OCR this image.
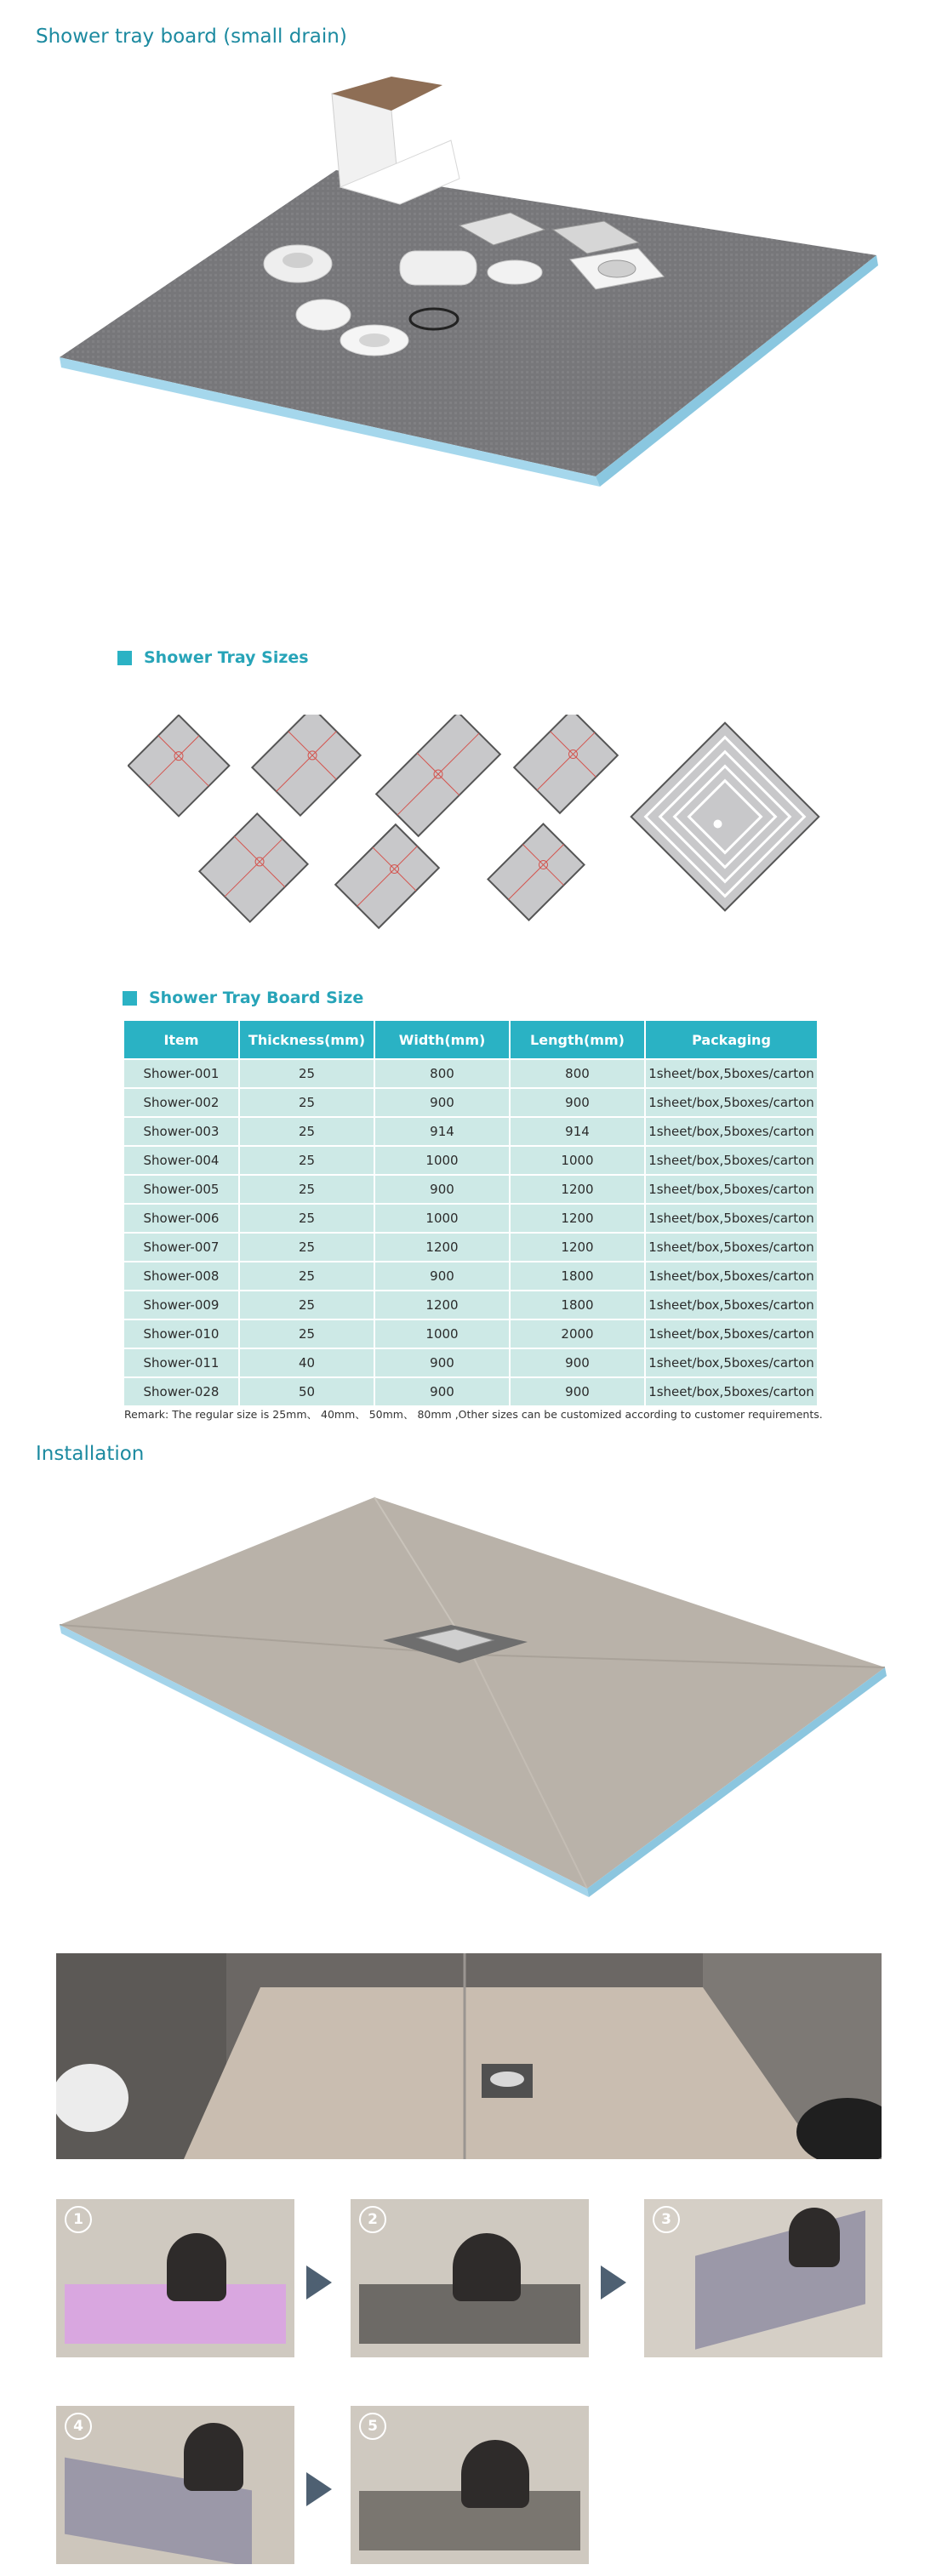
Shower tray board (small drain)
Shower Tray Sizes
Shower Tray Board Size
Item	Thickness(mm)	Width(mm)	Length(mm)	Packaging
Shower-001	25	800	800	1sheet/box,5boxes/carton
Shower-002	25	900	900	1sheet/box,5boxes/carton
Shower-003	25	914	914	1sheet/box,5boxes/carton
Shower-004	25	1000	1000	1sheet/box,5boxes/carton
Shower-005	25	900	1200	1sheet/box,5boxes/carton
Shower-006	25	1000	1200	1sheet/box,5boxes/carton
Shower-007	25	1200	1200	1sheet/box,5boxes/carton
Shower-008	25	900	1800	1sheet/box,5boxes/carton
Shower-009	25	1200	1800	1sheet/box,5boxes/carton
Shower-010	25	1000	2000	1sheet/box,5boxes/carton
Shower-011	40	900	900	1sheet/box,5boxes/carton
Shower-028	50	900	900	1sheet/box,5boxes/carton
Remark: The regular size is 25mm、 40mm、 50mm、 80mm ,Other sizes can be customized according to customer requirements.
Installation
1	2	3
4	5
